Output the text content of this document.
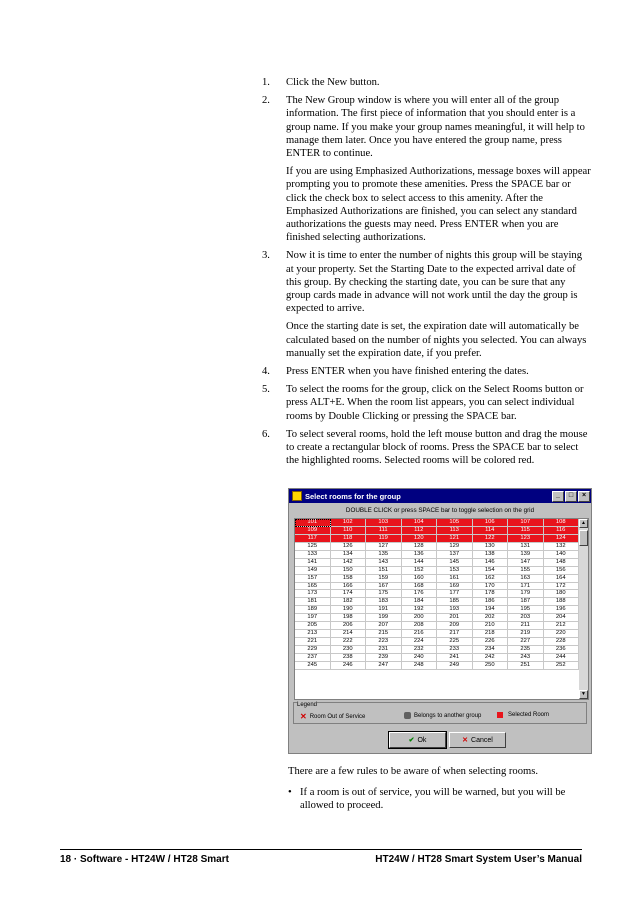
1.	Click the New button.
2.	The New Group window is where you will enter all of the group information. The first piece of information that you should enter is a group name. If you make your group names meaningful, it will help to manage them later. Once you have entered the group name, press ENTER to continue.
If you are using Emphasized Authorizations, message boxes will appear prompting you to promote these amenities. Press the SPACE bar or click the check box to select access to this amenity. After the Emphasized Authorizations are finished, you can select any standard authorizations the guests may need. Press ENTER when you are finished selecting authorizations.
3.	Now it is time to enter the number of nights this group will be staying at your property. Set the Starting Date to the expected arrival date of this group. By checking the starting date, you can be sure that any group cards made in advance will not work until the day the group is expected to arrive.
Once the starting date is set, the expiration date will automatically be calculated based on the number of nights you selected. You can always manually set the expiration date, if you prefer.
4.	Press ENTER when you have finished entering the dates.
5.	To select the rooms for the group, click on the Select Rooms button or press ALT+E. When the room list appears, you can select individual rooms by Double Clicking or pressing the SPACE bar.
6.	To select several rooms, hold the left mouse button and drag the mouse to create a rectangular block of rooms. Press the SPACE bar to select the highlighted rooms. Selected rooms will be colored red.
Select rooms for the group	_	□	×
DOUBLE CLICK or press SPACE bar to toggle selection on the grid
101	102	103	104	105	106	107	108
109	110	111	112	113	114	115	116
117	118	119	120	121	122	123	124
125	126	127	128	129	130	131	132
133	134	135	136	137	138	139	140
141	142	143	144	145	146	147	148
149	150	151	152	153	154	155	156
157	158	159	160	161	162	163	164
165	166	167	168	169	170	171	172
173	174	175	176	177	178	179	180
181	182	183	184	185	186	187	188
189	190	191	192	193	194	195	196
197	198	199	200	201	202	203	204
205	206	207	208	209	210	211	212
213	214	215	216	217	218	219	220
221	222	223	224	225	226	227	228
229	230	231	232	233	234	235	236
237	238	239	240	241	242	243	244
245	246	247	248	249	250	251	252
▲
▼
Legend
✕ Room Out of Service	Belongs to another group	Selected Room
✔ Ok	✕ Cancel
There are a few rules to be aware of when selecting rooms.
• If a room is out of service, you will be warned, but you will be allowed to proceed.
18 · Software - HT24W / HT28 Smart	HT24W / HT28 Smart System User’s Manual
